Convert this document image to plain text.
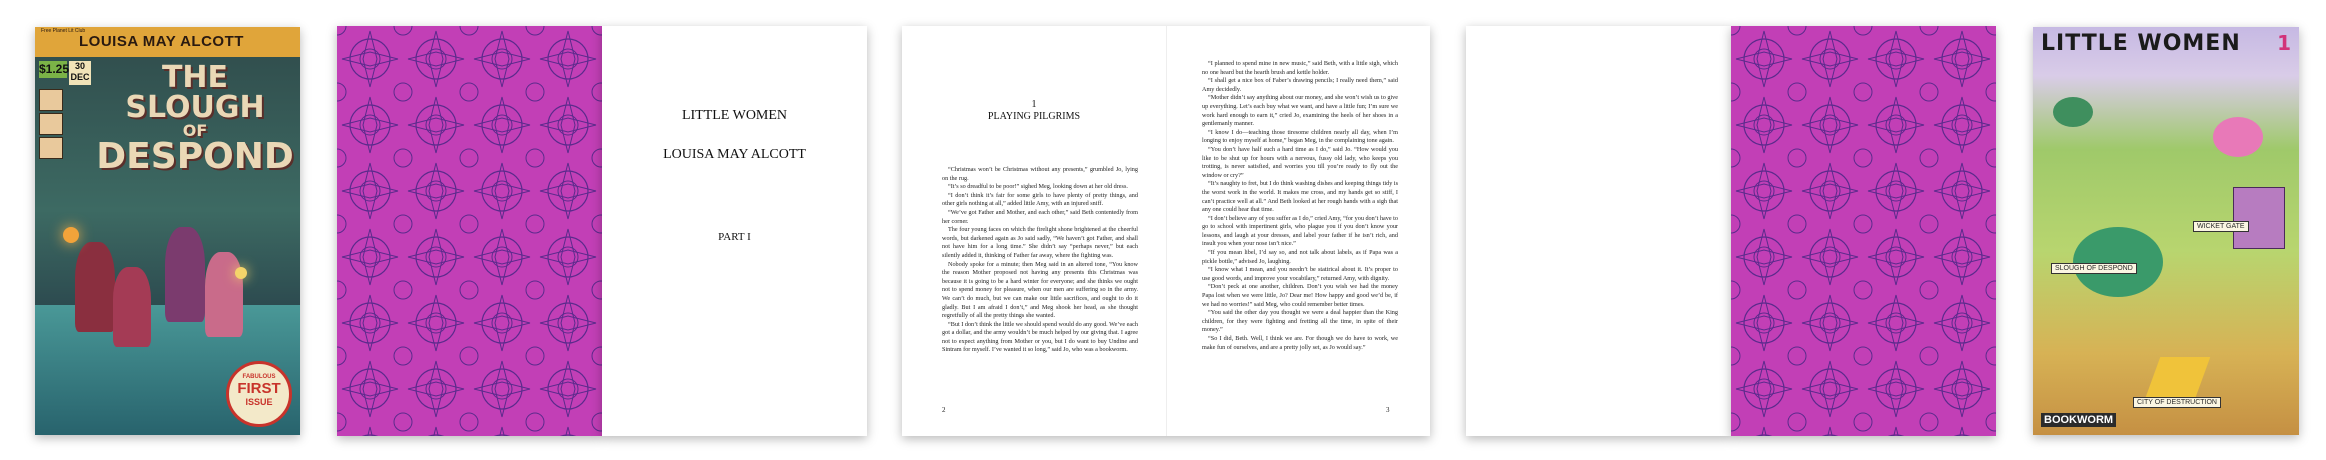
Free Planet Lit Club
LOUISA MAY ALCOTT
$1.25 30
DEC	THE SLOUGH
OF
DESPOND
FABULOUS
FIRST
ISSUE
LITTLE WOMEN
LOUISA MAY ALCOTT
PART I
1
PLAYING PILGRIMS

“Christmas won’t be Christmas without any presents,” grumbled Jo, lying on the rug.

“It’s so dreadful to be poor!” sighed Meg, looking down at her old dress.

“I don’t think it’s fair for some girls to have plenty of pretty things, and other girls nothing at all,” added little Amy, with an injured sniff.

“We’ve got Father and Mother, and each other,” said Beth contentedly from her corner.

The four young faces on which the firelight shone brightened at the cheerful words, but darkened again as Jo said sadly, “We haven’t got Father, and shall not have him for a long time.” She didn’t say “perhaps never,” but each silently added it, thinking of Father far away, where the fighting was.

Nobody spoke for a minute; then Meg said in an altered tone, “You know the reason Mother proposed not having any presents this Christmas was because it is going to be a hard winter for everyone; and she thinks we ought not to spend money for pleasure, when our men are suffering so in the army. We can’t do much, but we can make our little sacrifices, and ought to do it gladly. But I am afraid I don’t,” and Meg shook her head, as she thought regretfully of all the pretty things she wanted.

“But I don’t think the little we should spend would do any good. We’ve each got a dollar, and the army wouldn’t be much helped by our giving that. I agree not to expect anything from Mother or you, but I do want to buy Undine and Sintram for myself. I’ve wanted it so long,” said Jo, who was a bookworm.

2

“I planned to spend mine in new music,” said Beth, with a little sigh, which no one heard but the hearth brush and kettle holder.

“I shall get a nice box of Faber’s drawing pencils; I really need them,” said Amy decidedly.

“Mother didn’t say anything about our money, and she won’t wish us to give up everything. Let’s each buy what we want, and have a little fun; I’m sure we work hard enough to earn it,” cried Jo, examining the heels of her shoes in a gentlemanly manner.

“I know I do—teaching those tiresome children nearly all day, when I’m longing to enjoy myself at home,” began Meg, in the complaining tone again.

“You don’t have half such a hard time as I do,” said Jo. “How would you like to be shut up for hours with a nervous, fussy old lady, who keeps you trotting, is never satisfied, and worries you till you’re ready to fly out the window or cry?”

“It’s naughty to fret, but I do think washing dishes and keeping things tidy is the worst work in the world. It makes me cross, and my hands get so stiff, I can’t practice well at all.” And Beth looked at her rough hands with a sigh that any one could hear that time.

“I don’t believe any of you suffer as I do,” cried Amy, “for you don’t have to go to school with impertinent girls, who plague you if you don’t know your lessons, and laugh at your dresses, and label your father if he isn’t rich, and insult you when your nose isn’t nice.”

“If you mean libel, I’d say so, and not talk about labels, as if Papa was a pickle bottle,” advised Jo, laughing.

“I know what I mean, and you needn’t be statirical about it. It’s proper to use good words, and improve your vocabilary,” returned Amy, with dignity.

“Don’t peck at one another, children. Don’t you wish we had the money Papa lost when we were little, Jo? Dear me! How happy and good we’d be, if we had no worries!” said Meg, who could remember better times.

“You said the other day you thought we were a deal happier than the King children, for they were fighting and fretting all the time, in spite of their money.”

“So I did, Beth. Well, I think we are. For though we do have to work, we make fun of ourselves, and are a pretty jolly set, as Jo would say.”

3
LITTLE WOMEN 1
WICKET GATE
SLOUGH OF DESPOND
CITY OF DESTRUCTION
BOOKWORM
